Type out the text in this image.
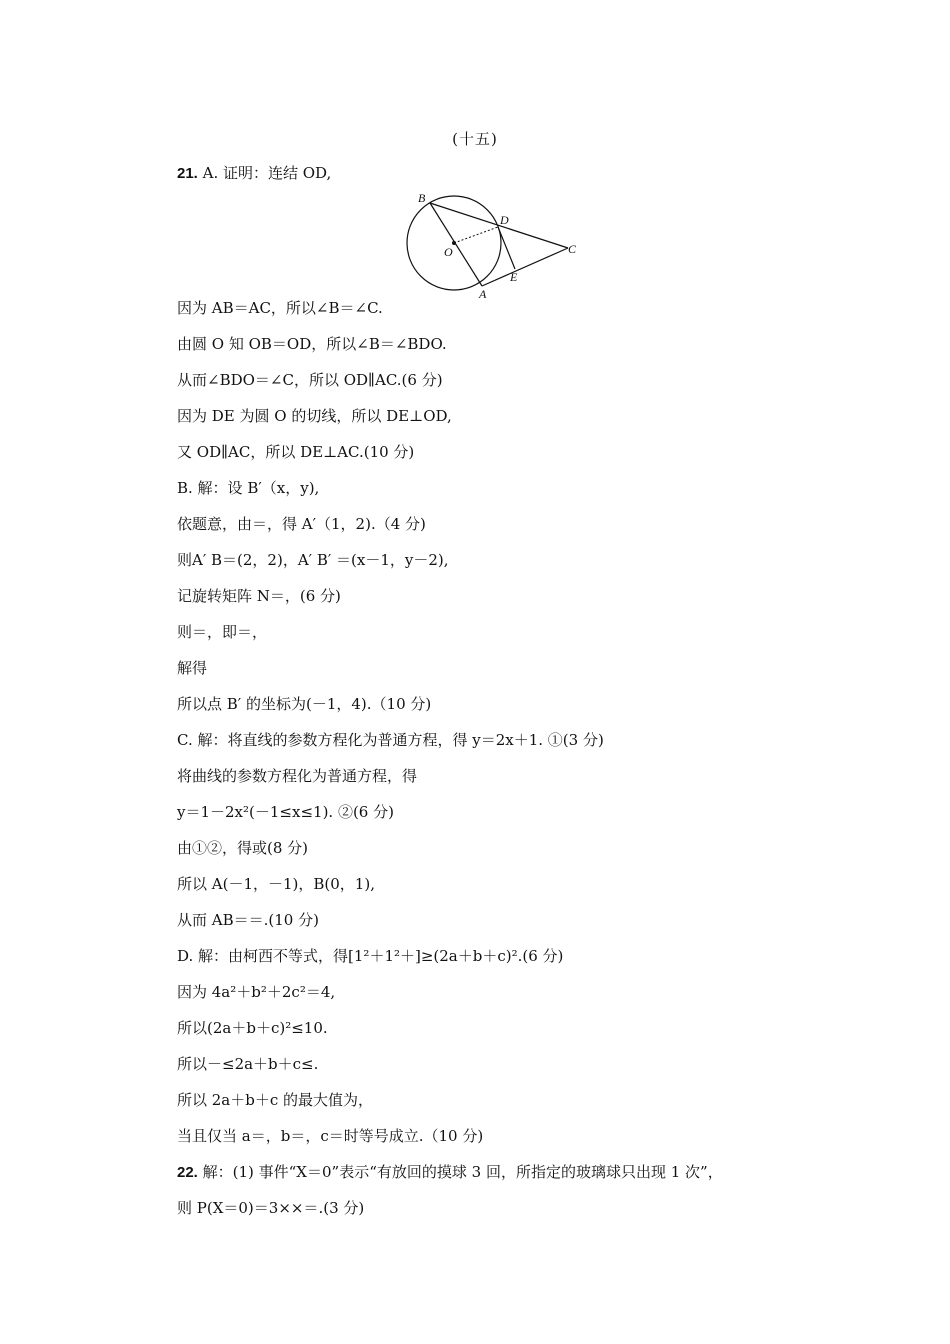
(十五)
21. A. 证明：连结 OD,
B
D
C
O
E
A
因为 AB＝AC，所以∠B＝∠C.
由圆 O 知 OB＝OD，所以∠B＝∠BDO.
从而∠BDO＝∠C，所以 OD∥AC.(6 分)
因为 DE 为圆 O 的切线，所以 DE⊥OD,
又 OD∥AC，所以 DE⊥AC.(10 分)
B. 解：设 B′（x，y),
依题意，由＝，得 A′（1，2).（4 分)
则A′ B＝(2，2)，A′ B′ ＝(x－1，y－2),
记旋转矩阵 N＝，(6 分)
则＝，即＝，
解得
所以点 B′ 的坐标为(－1，4).（10 分)
C. 解：将直线的参数方程化为普通方程，得 y＝2x＋1. ①(3 分)
将曲线的参数方程化为普通方程，得
y＝1－2x²(－1≤x≤1). ②(6 分)
由①②，得或(8 分)
所以 A(－1，－1)，B(0，1),
从而 AB＝＝.(10 分)
D. 解：由柯西不等式，得[1²＋1²＋]≥(2a＋b＋c)².(6 分)
因为 4a²＋b²＋2c²＝4,
所以(2a＋b＋c)²≤10.
所以－≤2a＋b＋c≤.
所以 2a＋b＋c 的最大值为，
当且仅当 a＝，b＝，c＝时等号成立.（10 分)
22. 解：(1) 事件“X＝0”表示“有放回的摸球 3 回，所指定的玻璃球只出现 1 次”，
则 P(X＝0)＝3××＝.(3 分)
